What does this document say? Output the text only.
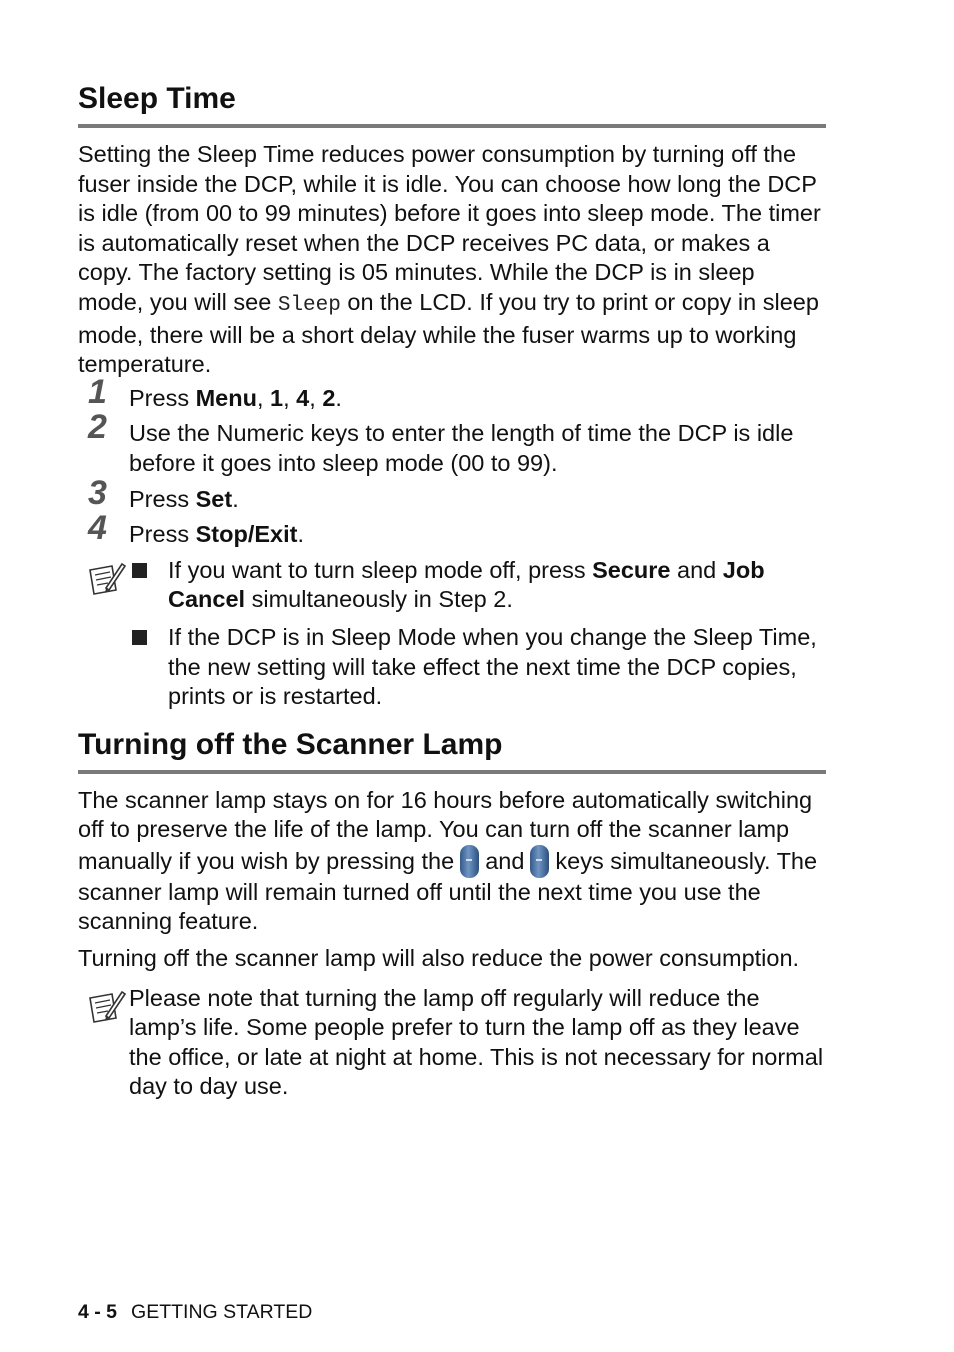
Sleep Time

Setting the Sleep Time reduces power consumption by turning off the fuser inside the DCP, while it is idle. You can choose how long the DCP is idle (from 00 to 99 minutes) before it goes into sleep mode. The timer is automatically reset when the DCP receives PC data, or makes a copy. The factory setting is 05 minutes. While the DCP is in sleep mode, you will see Sleep on the LCD. If you try to print or copy in sleep mode, there will be a short delay while the fuser warms up to working temperature.

1 Press Menu, 1, 4, 2.
2 Use the Numeric keys to enter the length of time the DCP is idle before it goes into sleep mode (00 to 99).
3 Press Set.
4 Press Stop/Exit.
If you want to turn sleep mode off, press Secure and Job Cancel simultaneously in Step 2.
If the DCP is in Sleep Mode when you change the Sleep Time, the new setting will take effect the next time the DCP copies, prints or is restarted.
Turning off the Scanner Lamp

The scanner lamp stays on for 16 hours before automatically switching off to preserve the life of the lamp. You can turn off the scanner lamp manually if you wish by pressing the and keys simultaneously. The scanner lamp will remain turned off until the next time you use the scanning feature.

Turning off the scanner lamp will also reduce the power consumption.

Please note that turning the lamp off regularly will reduce the lamp’s life. Some people prefer to turn the lamp off as they leave the office, or late at night at home. This is not necessary for normal day to day use.
4 - 5 GETTING STARTED
